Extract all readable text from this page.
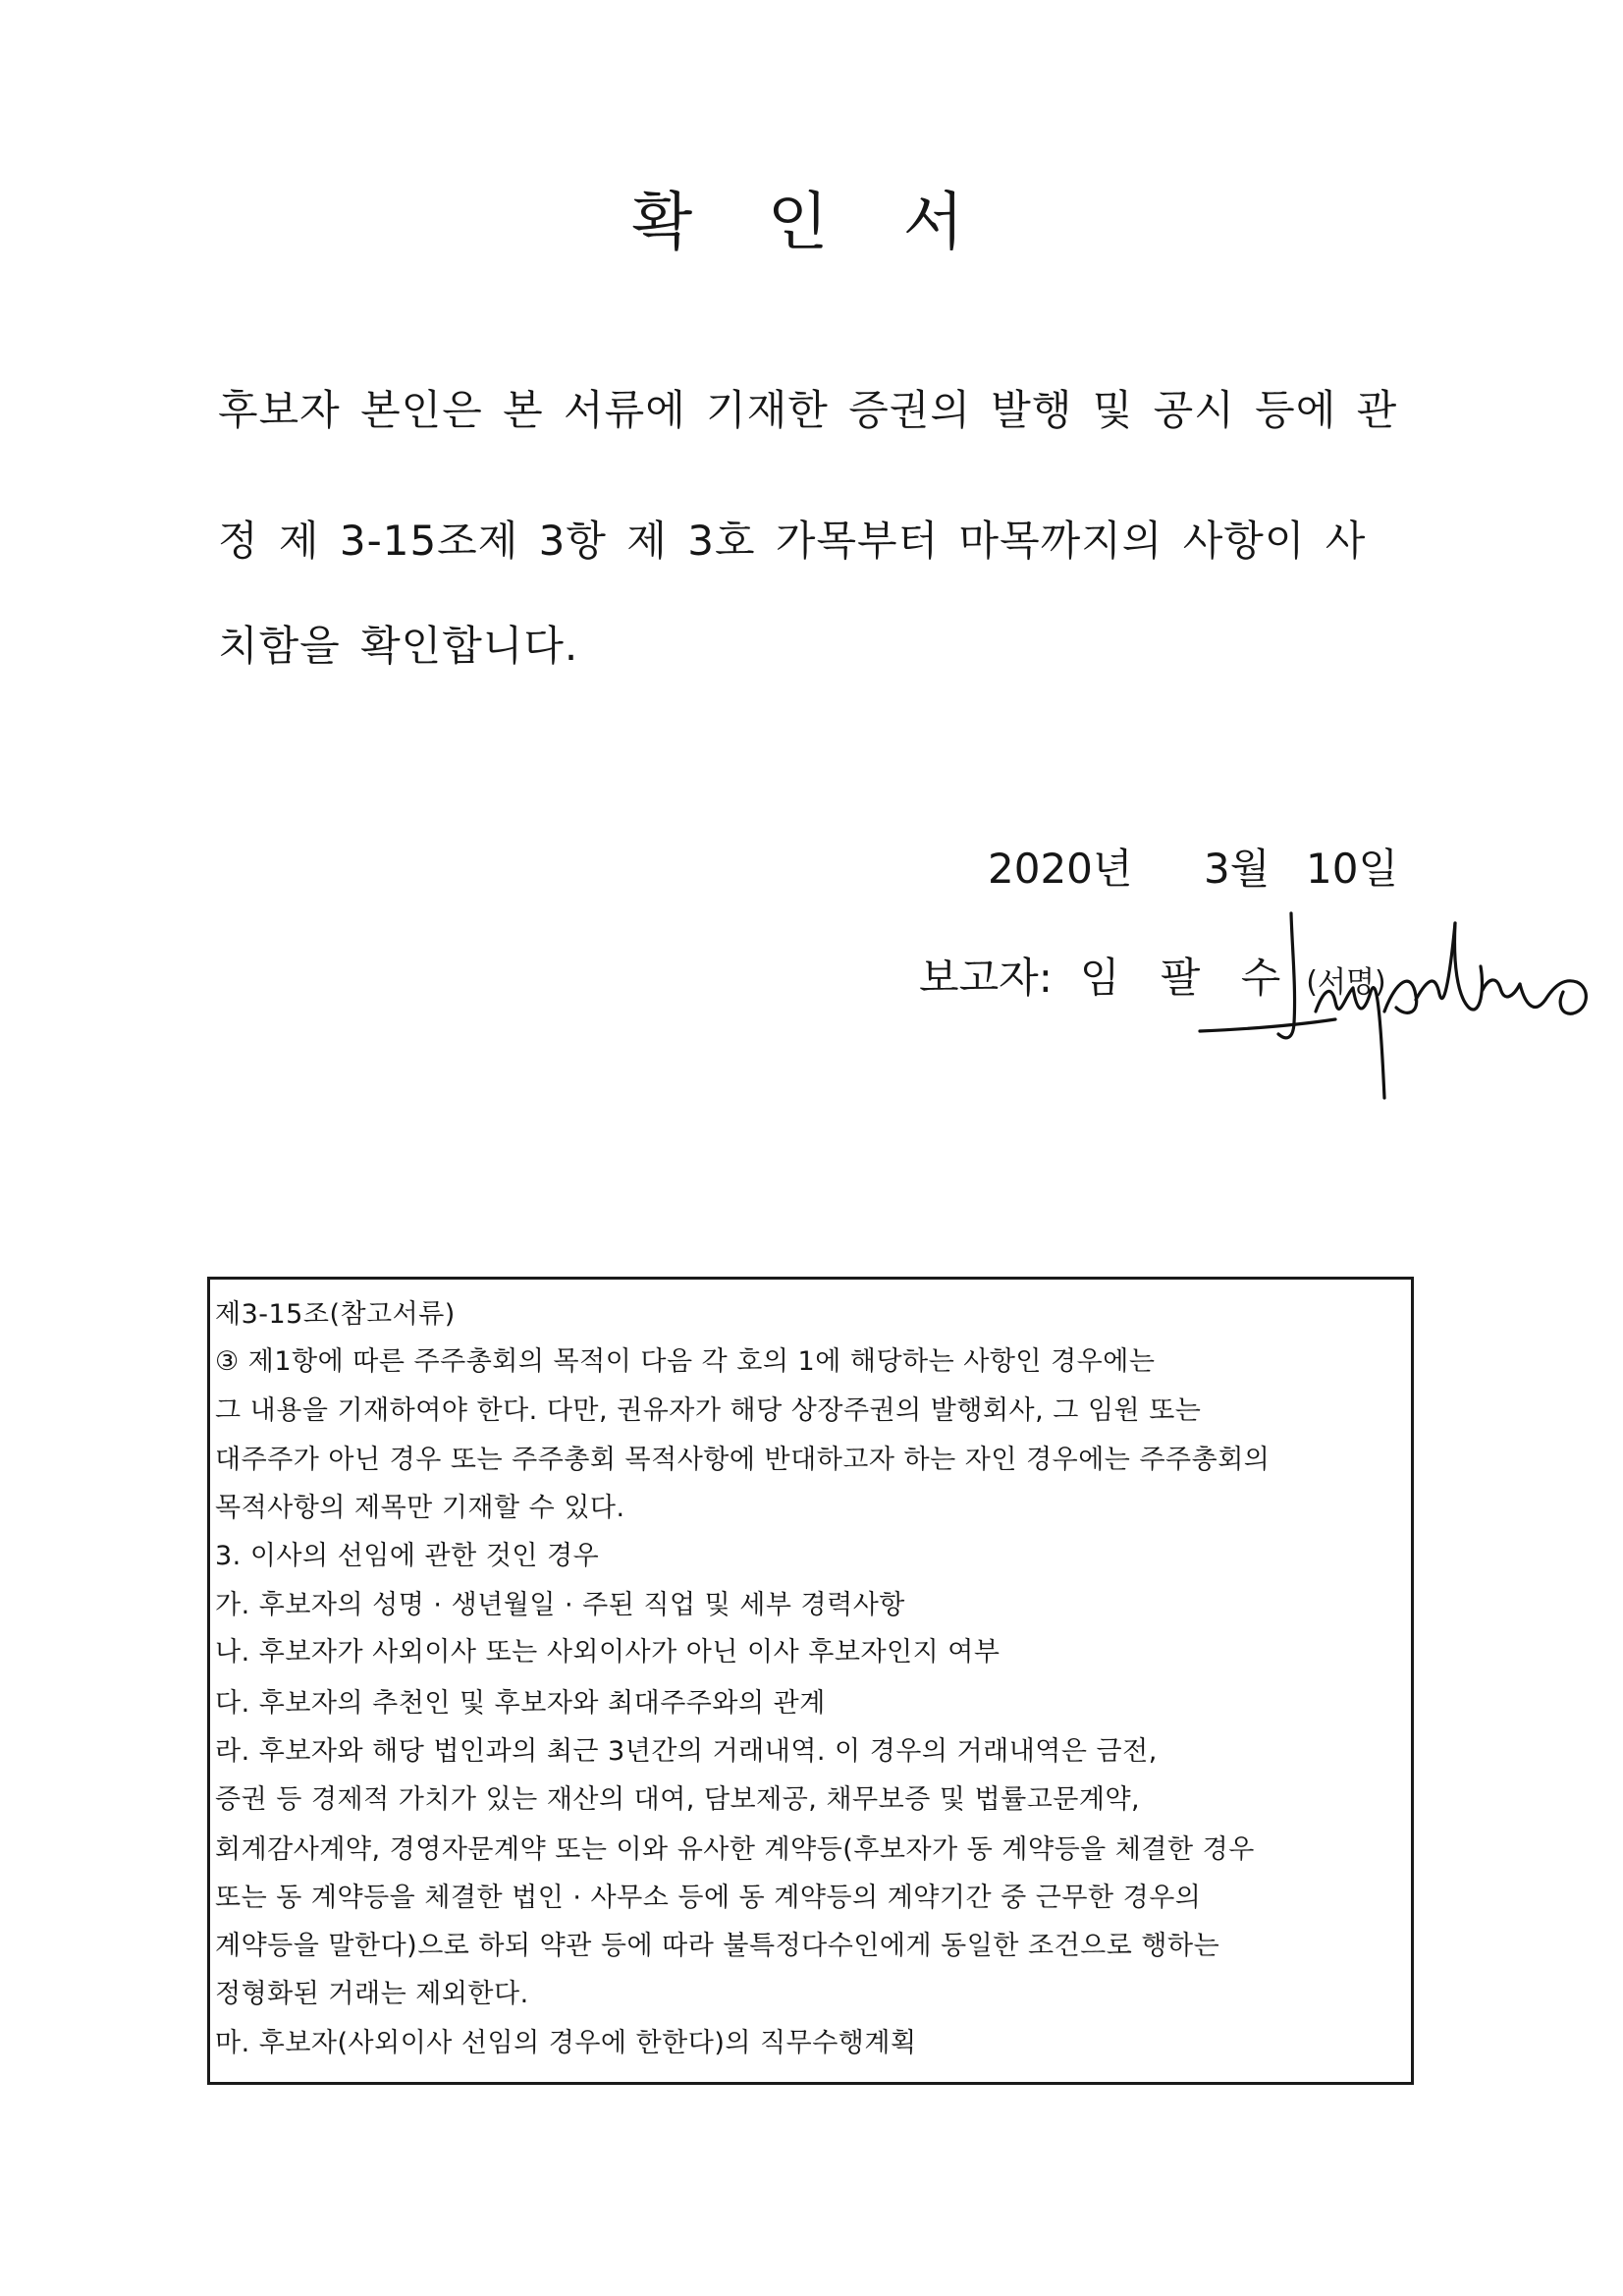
확 인 서
후보자 본인은 본 서류에 기재한 증권의 발행 및 공시 등에 관
정 제 3-15조제 3항 제 3호 가목부터 마목까지의 사항이 사
치함을 확인합니다.
2020년 3월 10일
보고자: 임 팔 수 (서명)
제3-15조(참고서류)
③ 제1항에 따른 주주총회의 목적이 다음 각 호의 1에 해당하는 사항인 경우에는
그 내용을 기재하여야 한다. 다만, 권유자가 해당 상장주권의 발행회사, 그 임원 또는
대주주가 아닌 경우 또는 주주총회 목적사항에 반대하고자 하는 자인 경우에는 주주총회의
목적사항의 제목만 기재할 수 있다.
3. 이사의 선임에 관한 것인 경우
가. 후보자의 성명 · 생년월일 · 주된 직업 및 세부 경력사항
나. 후보자가 사외이사 또는 사외이사가 아닌 이사 후보자인지 여부
다. 후보자의 추천인 및 후보자와 최대주주와의 관계
라. 후보자와 해당 법인과의 최근 3년간의 거래내역. 이 경우의 거래내역은 금전,
증권 등 경제적 가치가 있는 재산의 대여, 담보제공, 채무보증 및 법률고문계약,
회계감사계약, 경영자문계약 또는 이와 유사한 계약등(후보자가 동 계약등을 체결한 경우
또는 동 계약등을 체결한 법인 · 사무소 등에 동 계약등의 계약기간 중 근무한 경우의
계약등을 말한다)으로 하되 약관 등에 따라 불특정다수인에게 동일한 조건으로 행하는
정형화된 거래는 제외한다.
마. 후보자(사외이사 선임의 경우에 한한다)의 직무수행계획
